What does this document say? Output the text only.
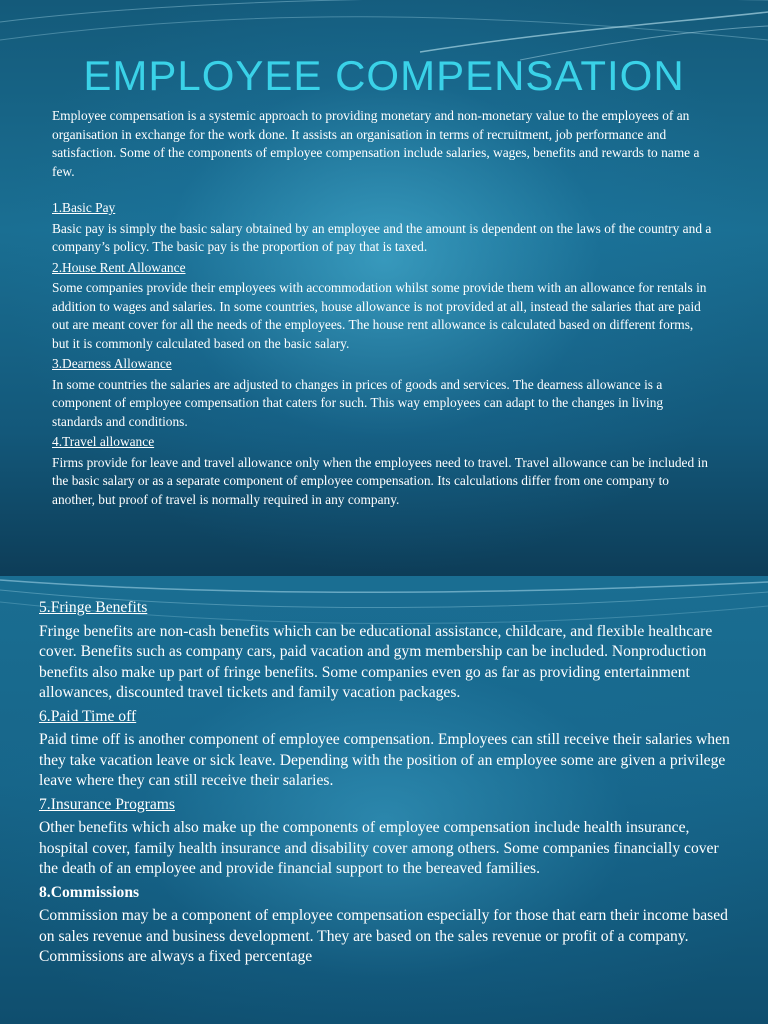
EMPLOYEE COMPENSATION

Employee compensation is a systemic approach to providing monetary and non-monetary value to the employees of an organisation in exchange for the work done. It assists an organisation in terms of recruitment, job performance and satisfaction. Some of the components of employee compensation include salaries, wages, benefits and rewards to name a few.

1.Basic Pay

Basic pay is simply the basic salary obtained by an employee and the amount is dependent on the laws of the country and a company’s policy. The basic pay is the proportion of pay that is taxed.

2.House Rent Allowance

Some companies provide their employees with accommodation whilst some provide them with an allowance for rentals in addition to wages and salaries. In some countries, house allowance is not provided at all, instead the salaries that are paid out are meant cover for all the needs of the employees. The house rent allowance is calculated based on different forms, but it is commonly calculated based on the basic salary.

3.Dearness Allowance

In some countries the salaries are adjusted to changes in prices of goods and services. The dearness allowance is a component of employee compensation that caters for such. This way employees can adapt to the changes in living standards and conditions.

4.Travel allowance

Firms provide for leave and travel allowance only when the employees need to travel. Travel allowance can be included in the basic salary or as a separate component of employee compensation. Its calculations differ from one company to another, but proof of travel is normally required in any company.

5.Fringe Benefits

Fringe benefits are non-cash benefits which can be educational assistance, childcare, and flexible healthcare cover. Benefits such as company cars, paid vacation and gym membership can be included. Nonproduction benefits also make up part of fringe benefits. Some companies even go as far as providing entertainment allowances, discounted travel tickets and family vacation packages.

6.Paid Time off

Paid time off is another component of employee compensation. Employees can still receive their salaries when they take vacation leave or sick leave. Depending with the position of an employee some are given a privilege leave where they can still receive their salaries.

7.Insurance Programs

Other benefits which also make up the components of employee compensation include health insurance, hospital cover, family health insurance and disability cover among others. Some companies financially cover the death of an employee and provide financial support to the bereaved families.

8.Commissions

Commission may be a component of employee compensation especially for those that earn their income based on sales revenue and business development. They are based on the sales revenue or profit of a company. Commissions are always a fixed percentage
